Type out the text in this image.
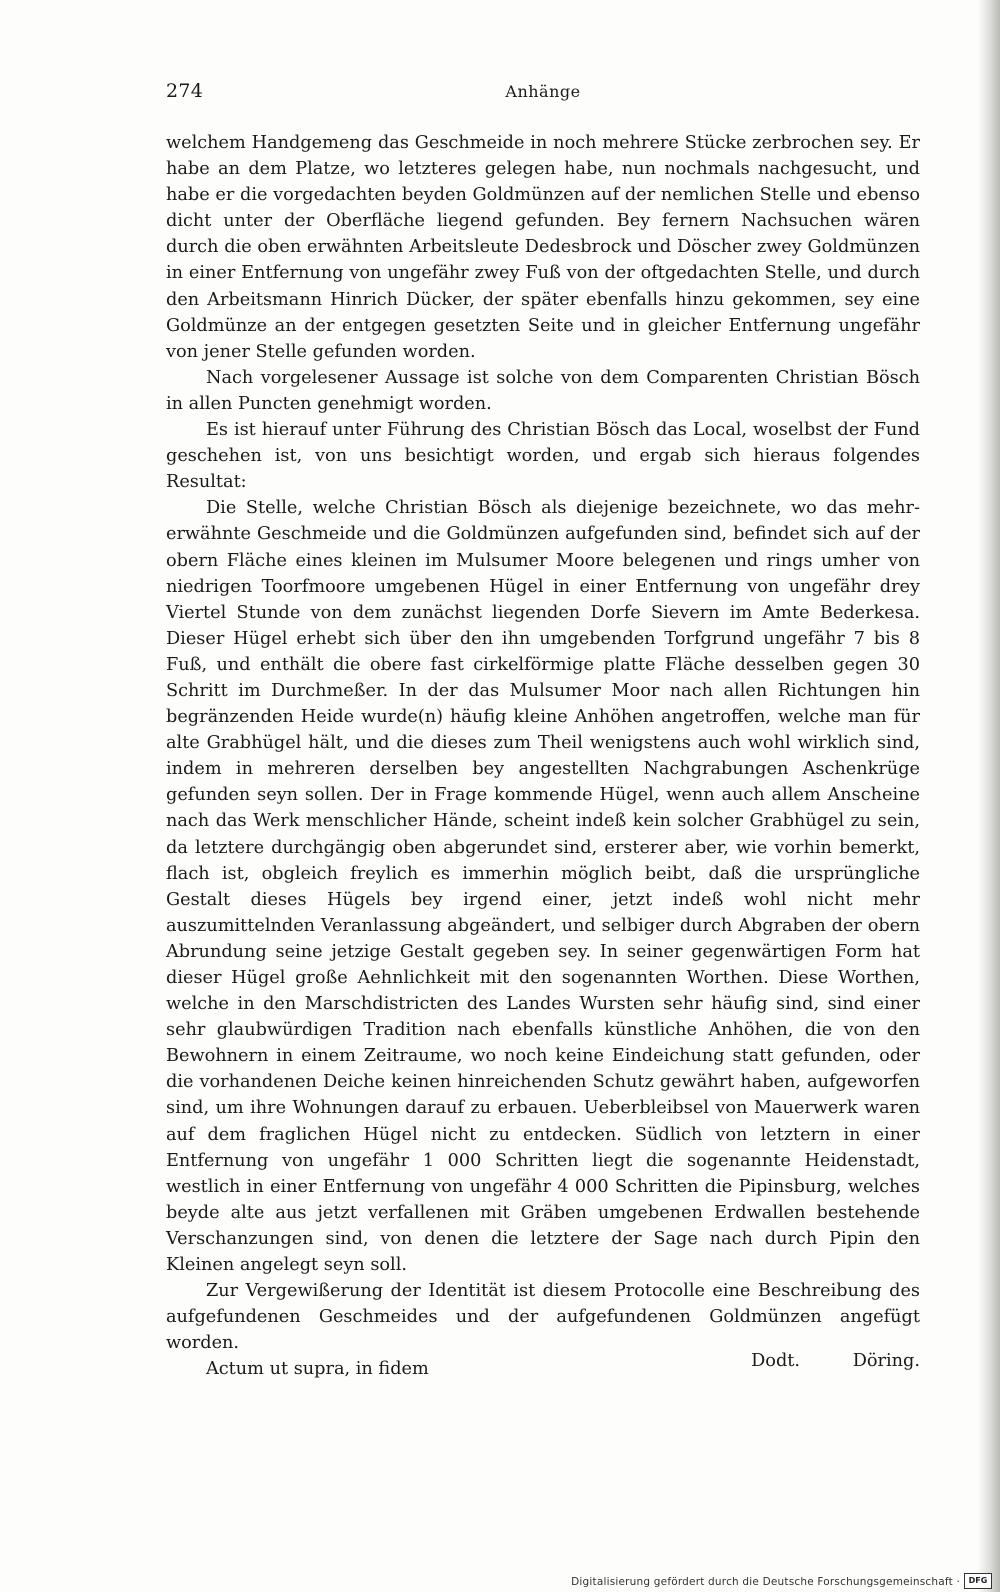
274	Anhänge

welchem Handgemeng das Geschmeide in noch mehrere Stücke zerbrochen sey. Er habe an dem Platze, wo letzteres gelegen habe, nun nochmals nachgesucht, und habe er die vorgedachten beyden Goldmünzen auf der nemlichen Stelle und ebenso dicht unter der Oberfläche liegend gefunden. Bey fernern Nachsuchen wären durch die oben erwähnten Arbeitsleute Dedesbrock und Döscher zwey Goldmünzen in einer Entfernung von ungefähr zwey Fuß von der oftgedachten Stelle, und durch den Arbeitsmann Hinrich Dücker, der später ebenfalls hinzu gekommen, sey eine Goldmünze an der entgegen gesetzten Seite und in gleicher Entfernung ungefähr von jener Stelle gefunden worden.

Nach vorgelesener Aussage ist solche von dem Comparenten Christian Bösch in allen Puncten genehmigt worden.

Es ist hierauf unter Führung des Christian Bösch das Local, woselbst der Fund geschehen ist, von uns besichtigt worden, und ergab sich hieraus folgendes Resultat:

Die Stelle, welche Christian Bösch als diejenige bezeichnete, wo das mehrerwähnte Geschmeide und die Goldmünzen aufgefunden sind, befindet sich auf der obern Fläche eines kleinen im Mulsumer Moore belegenen und rings umher von niedrigen Toorfmoore umgebenen Hügel in einer Entfernung von ungefähr drey Viertel Stunde von dem zunächst liegenden Dorfe Sievern im Amte Bederkesa. Dieser Hügel erhebt sich über den ihn umgebenden Torfgrund ungefähr 7 bis 8 Fuß, und enthält die obere fast cirkelförmige platte Fläche desselben gegen 30 Schritt im Durchmeßer. In der das Mulsumer Moor nach allen Richtungen hin begränzenden Heide wurde(n) häufig kleine Anhöhen angetroffen, welche man für alte Grabhügel hält, und die dieses zum Theil wenigstens auch wohl wirklich sind, indem in mehreren derselben bey angestellten Nachgrabungen Aschenkrüge gefunden seyn sollen. Der in Frage kommende Hügel, wenn auch allem Anscheine nach das Werk menschlicher Hände, scheint indeß kein solcher Grabhügel zu sein, da letztere durchgängig oben abgerundet sind, ersterer aber, wie vorhin bemerkt, flach ist, obgleich freylich es immerhin möglich beibt, daß die ursprüngliche Gestalt dieses Hügels bey irgend einer, jetzt indeß wohl nicht mehr auszumittelnden Veranlassung abgeändert, und selbiger durch Abgraben der obern Abrundung seine jetzige Gestalt gegeben sey. In seiner gegenwärtigen Form hat dieser Hügel große Aehnlichkeit mit den sogenannten Worthen. Diese Worthen, welche in den Marschdistricten des Landes Wursten sehr häufig sind, sind einer sehr glaubwürdigen Tradition nach ebenfalls künstliche Anhöhen, die von den Bewohnern in einem Zeitraume, wo noch keine Eindeichung statt gefunden, oder die vorhandenen Deiche keinen hinreichenden Schutz gewährt haben, aufgeworfen sind, um ihre Wohnungen darauf zu erbauen. Ueberbleibsel von Mauerwerk waren auf dem fraglichen Hügel nicht zu entdecken. Südlich von letztern in einer Entfernung von ungefähr 1 000 Schritten liegt die sogenannte Heidenstadt, westlich in einer Entfernung von ungefähr 4 000 Schritten die Pipinsburg, welches beyde alte aus jetzt verfallenen mit Gräben umgebenen Erdwallen bestehende Verschanzungen sind, von denen die letztere der Sage nach durch Pipin den Kleinen angelegt seyn soll.

Zur Vergewißerung der Identität ist diesem Protocolle eine Beschreibung des aufgefundenen Geschmeides und der aufgefundenen Goldmünzen angefügt worden.

Actum ut supra, in fidem	Dodt.	Döring.
Digitalisierung gefördert durch die Deutsche Forschungsgemeinschaft ·	DFG
